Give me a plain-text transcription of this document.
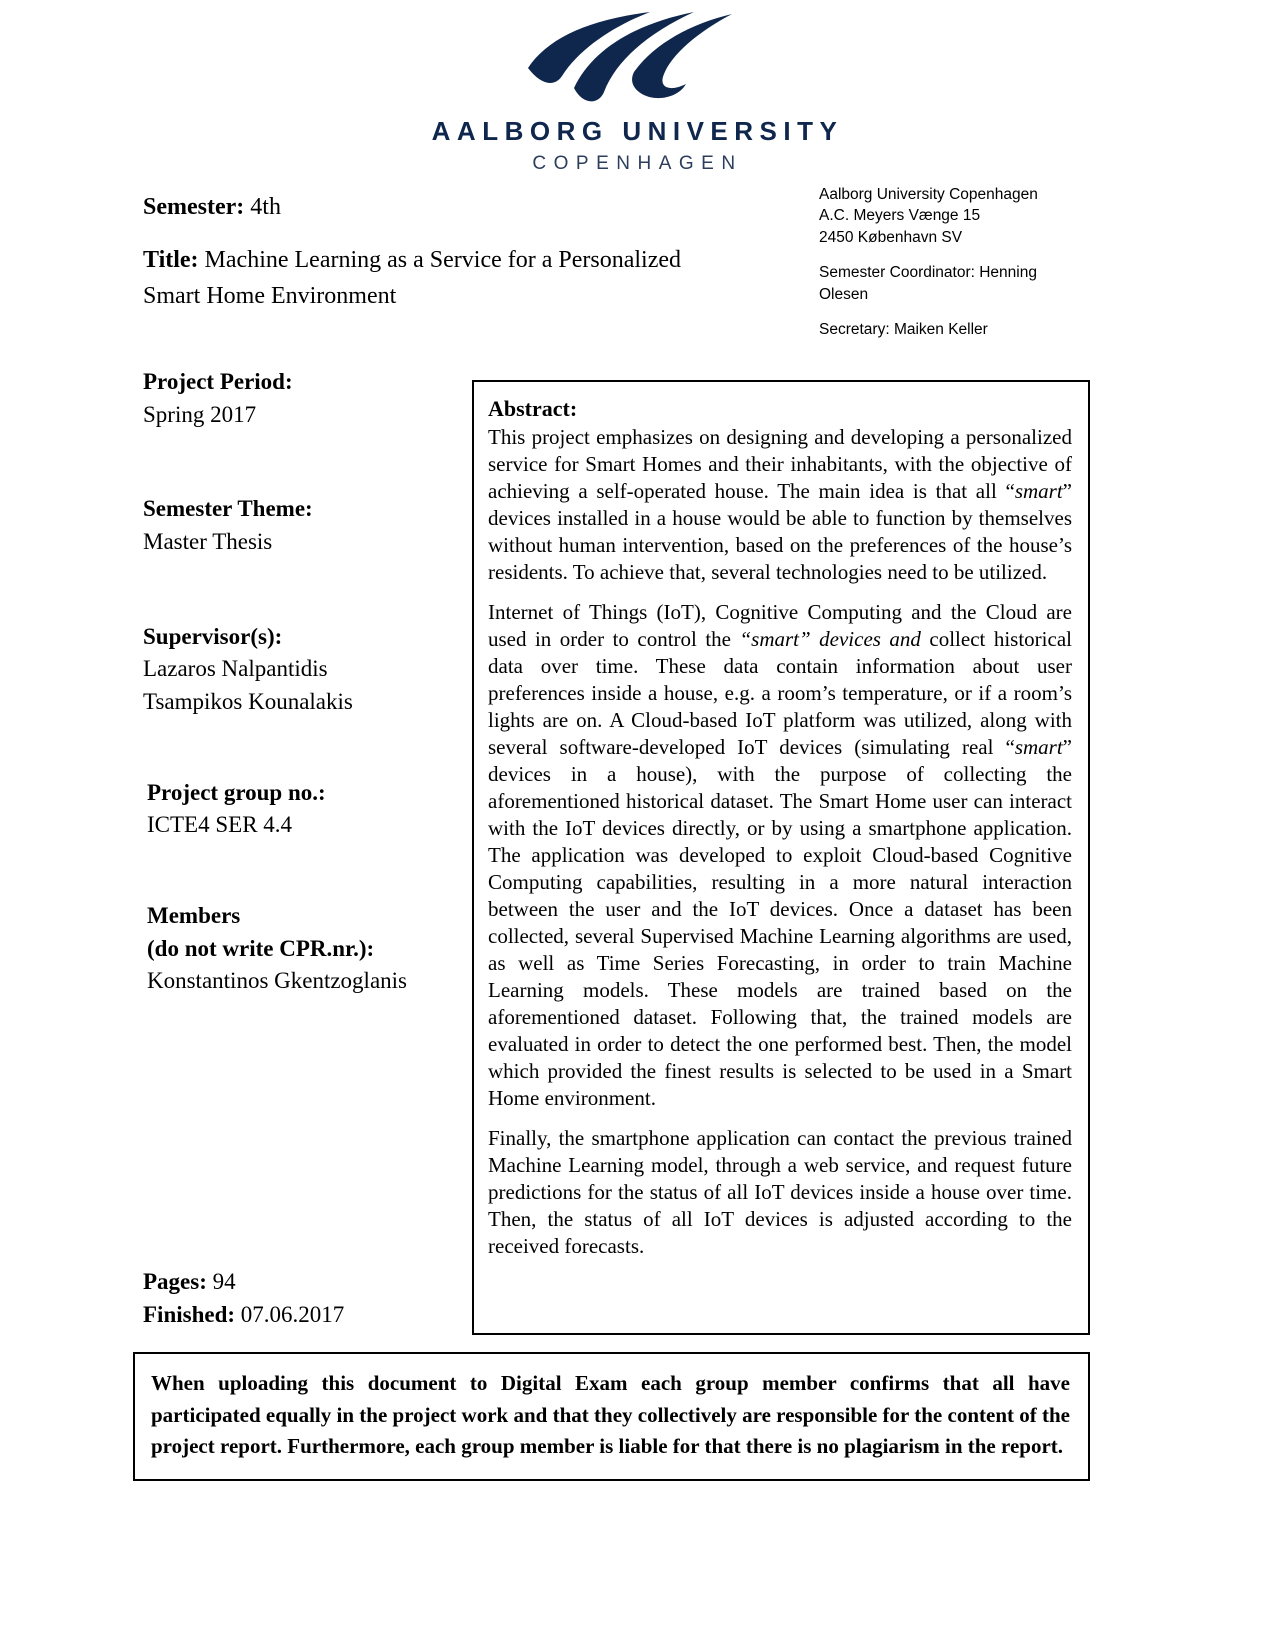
AALBORG UNIVERSITY
COPENHAGEN
Semester: 4th
Title: Machine Learning as a Service for a Personalized Smart Home Environment
Aalborg University Copenhagen
A.C. Meyers Vænge 15
2450 København SV
Semester Coordinator: Henning Olesen
Secretary: Maiken Keller
Project Period:
Spring 2017
Semester Theme:
Master Thesis
Supervisor(s):
Lazaros Nalpantidis
Tsampikos Kounalakis
Project group no.:
ICTE4 SER 4.4
Members
(do not write CPR.nr.):
Konstantinos Gkentzoglanis
Pages: 94
Finished: 07.06.2017
Abstract:

This project emphasizes on designing and developing a personalized service for Smart Homes and their inhabitants, with the objective of achieving a self-operated house. The main idea is that all “smart” devices installed in a house would be able to function by themselves without human intervention, based on the preferences of the house’s residents. To achieve that, several technologies need to be utilized.

Internet of Things (IoT), Cognitive Computing and the Cloud are used in order to control the “smart” devices and collect historical data over time. These data contain information about user preferences inside a house, e.g. a room’s temperature, or if a room’s lights are on. A Cloud-based IoT platform was utilized, along with several software-developed IoT devices (simulating real “smart” devices in a house), with the purpose of collecting the aforementioned historical dataset. The Smart Home user can interact with the IoT devices directly, or by using a smartphone application. The application was developed to exploit Cloud-based Cognitive Computing capabilities, resulting in a more natural interaction between the user and the IoT devices. Once a dataset has been collected, several Supervised Machine Learning algorithms are used, as well as Time Series Forecasting, in order to train Machine Learning models. These models are trained based on the aforementioned dataset. Following that, the trained models are evaluated in order to detect the one performed best. Then, the model which provided the finest results is selected to be used in a Smart Home environment.

Finally, the smartphone application can contact the previous trained Machine Learning model, through a web service, and request future predictions for the status of all IoT devices inside a house over time. Then, the status of all IoT devices is adjusted according to the received forecasts.

When uploading this document to Digital Exam each group member confirms that all have participated equally in the project work and that they collectively are responsible for the content of the project report. Furthermore, each group member is liable for that there is no plagiarism in the report.
